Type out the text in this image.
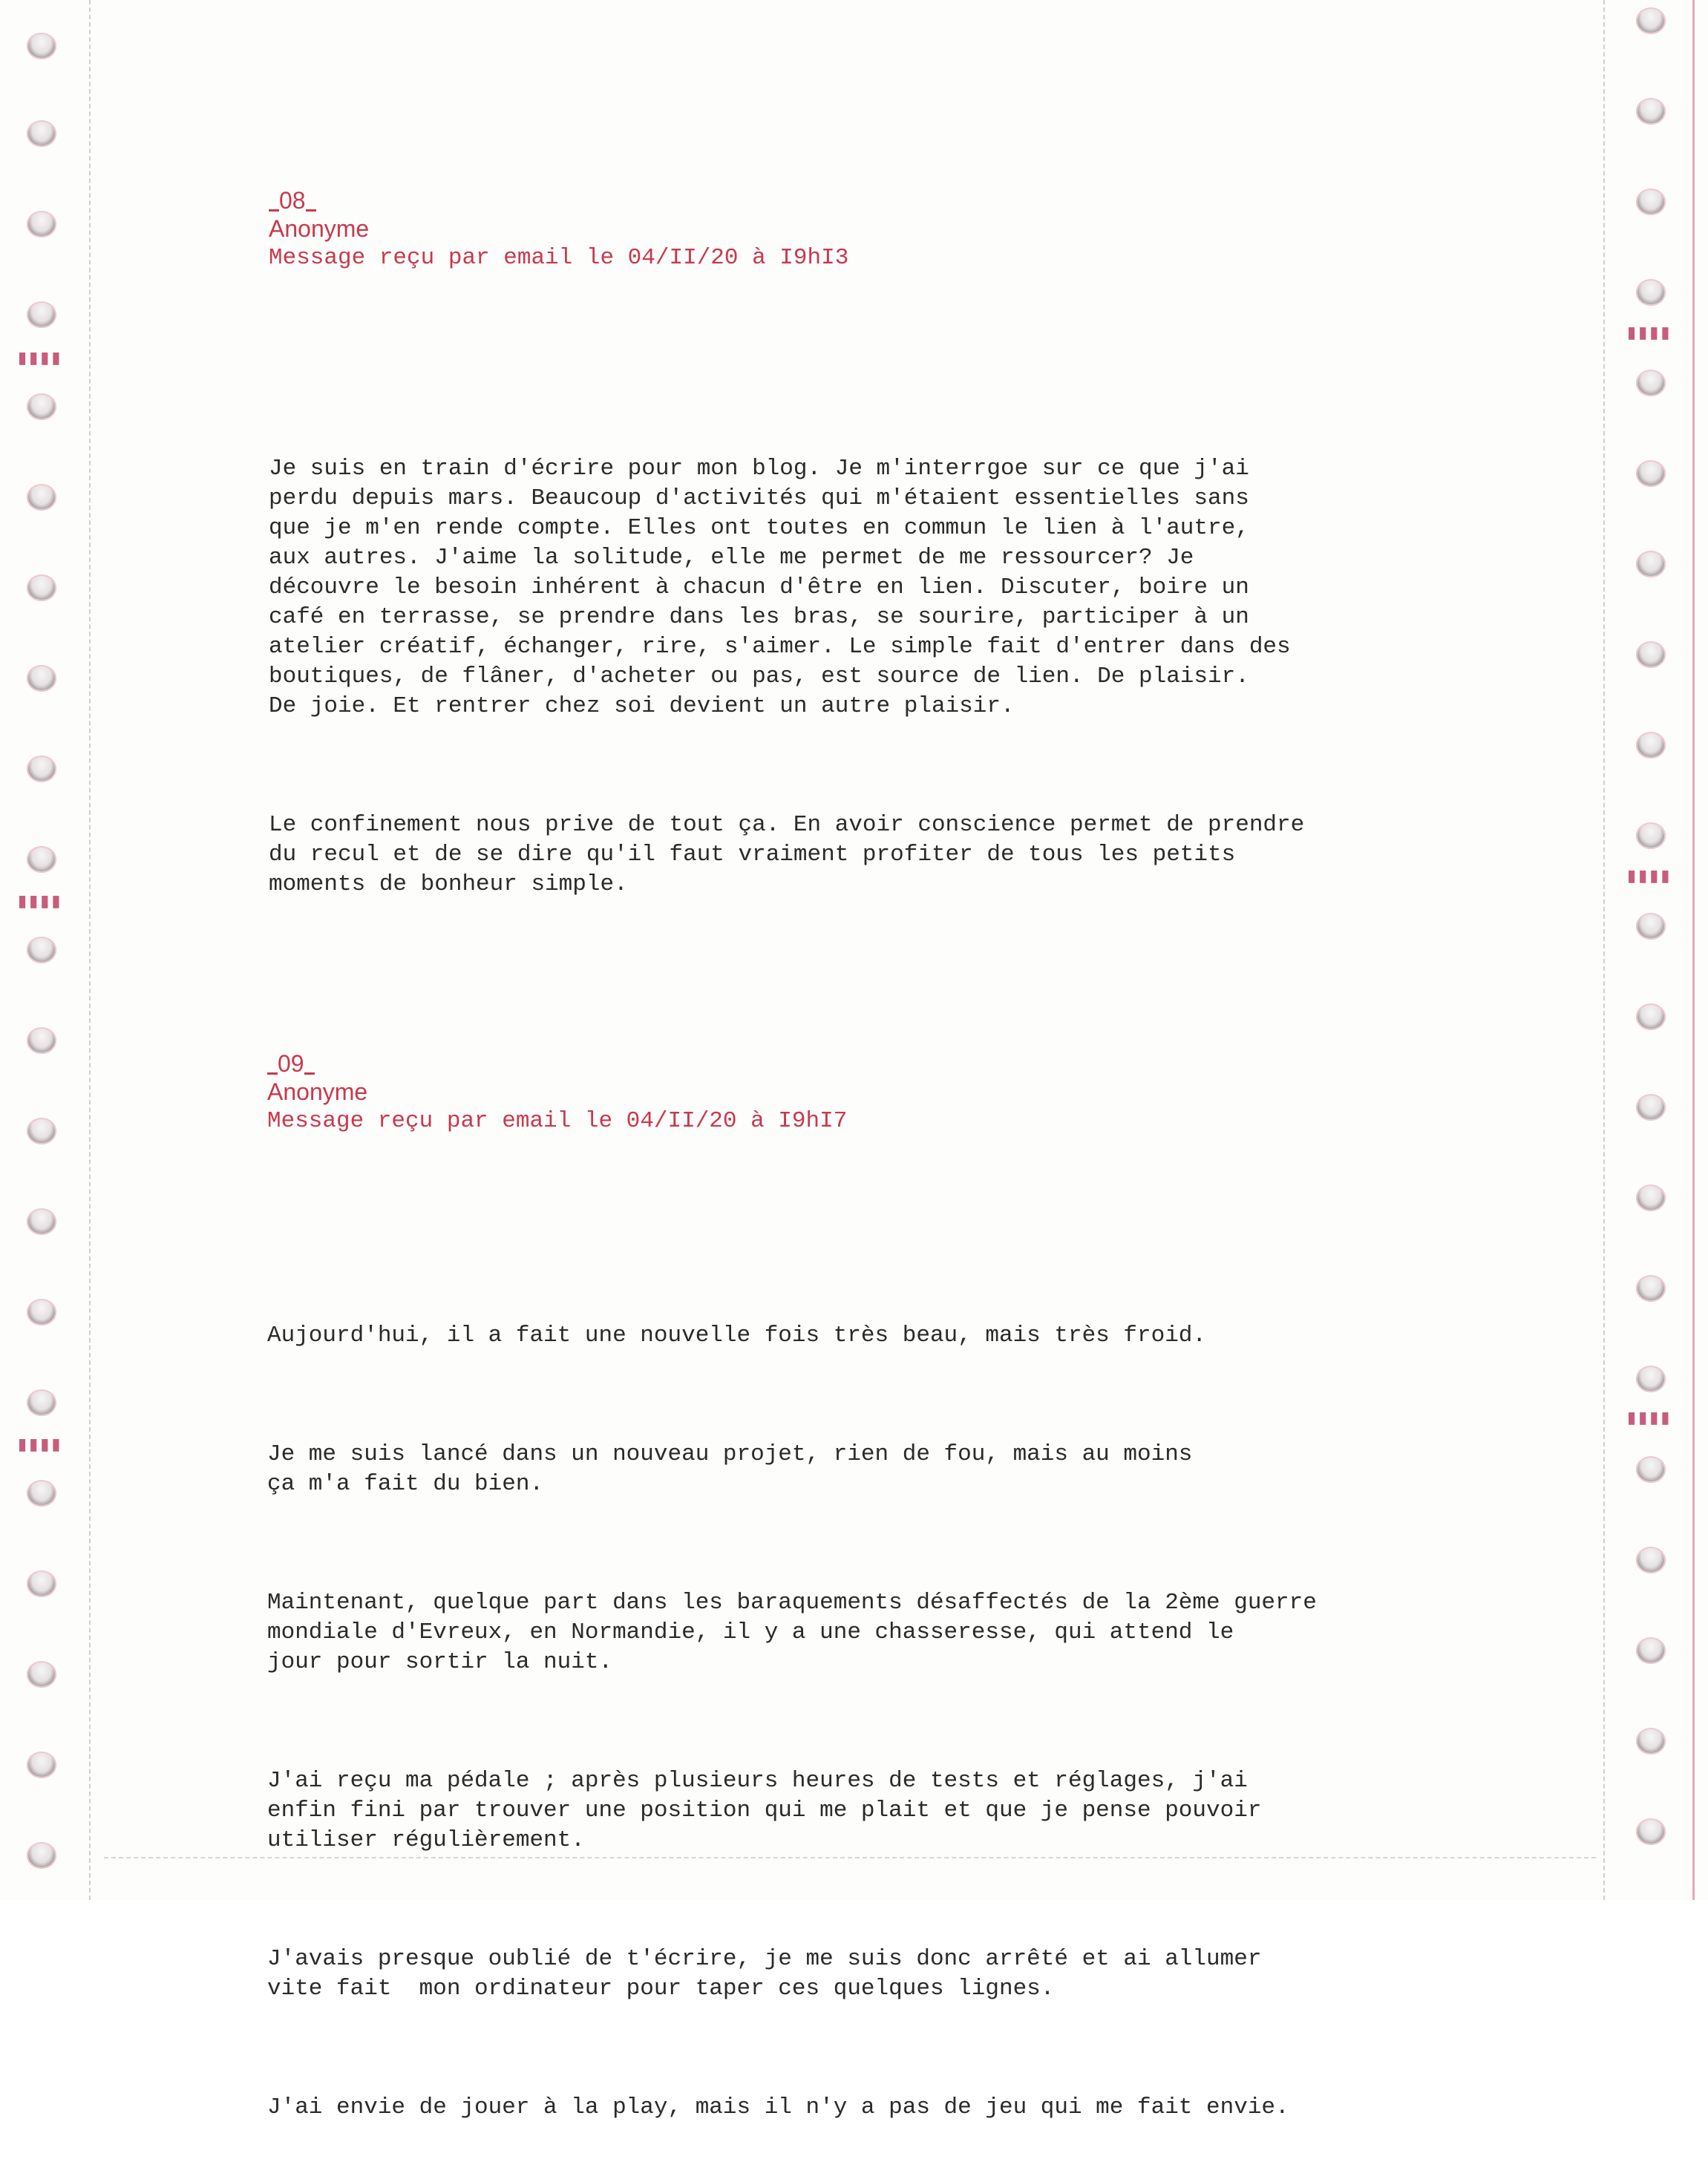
▮▮▮▮
▮▮▮▮
▮▮▮▮
▮▮▮▮
▮▮▮▮
▮▮▮▮
08
Anonyme
Message reçu par email le 04/II/20 à I9hI3

Je suis en train d'écrire pour mon blog. Je m'interrgoe sur ce que j'ai
perdu depuis mars. Beaucoup d'activités qui m'étaient essentielles sans
que je m'en rende compte. Elles ont toutes en commun le lien à l'autre,
aux autres. J'aime la solitude, elle me permet de me ressourcer? Je
découvre le besoin inhérent à chacun d'être en lien. Discuter, boire un
café en terrasse, se prendre dans les bras, se sourire, participer à un
atelier créatif, échanger, rire, s'aimer. Le simple fait d'entrer dans des
boutiques, de flâner, d'acheter ou pas, est source de lien. De plaisir.
De joie. Et rentrer chez soi devient un autre plaisir.

Le confinement nous prive de tout ça. En avoir conscience permet de prendre
du recul et de se dire qu'il faut vraiment profiter de tous les petits
moments de bonheur simple.

09
Anonyme
Message reçu par email le 04/II/20 à I9hI7

Aujourd'hui, il a fait une nouvelle fois très beau, mais très froid.

Je me suis lancé dans un nouveau projet, rien de fou, mais au moins
ça m'a fait du bien.

Maintenant, quelque part dans les baraquements désaffectés de la 2ème guerre
mondiale d'Evreux, en Normandie, il y a une chasseresse, qui attend le
jour pour sortir la nuit.

J'ai reçu ma pédale ; après plusieurs heures de tests et réglages, j'ai
enfin fini par trouver une position qui me plait et que je pense pouvoir
utiliser régulièrement.

J'avais presque oublié de t'écrire, je me suis donc arrêté et ai allumer
vite fait  mon ordinateur pour taper ces quelques lignes.

J'ai envie de jouer à la play, mais il n'y a pas de jeu qui me fait envie.
